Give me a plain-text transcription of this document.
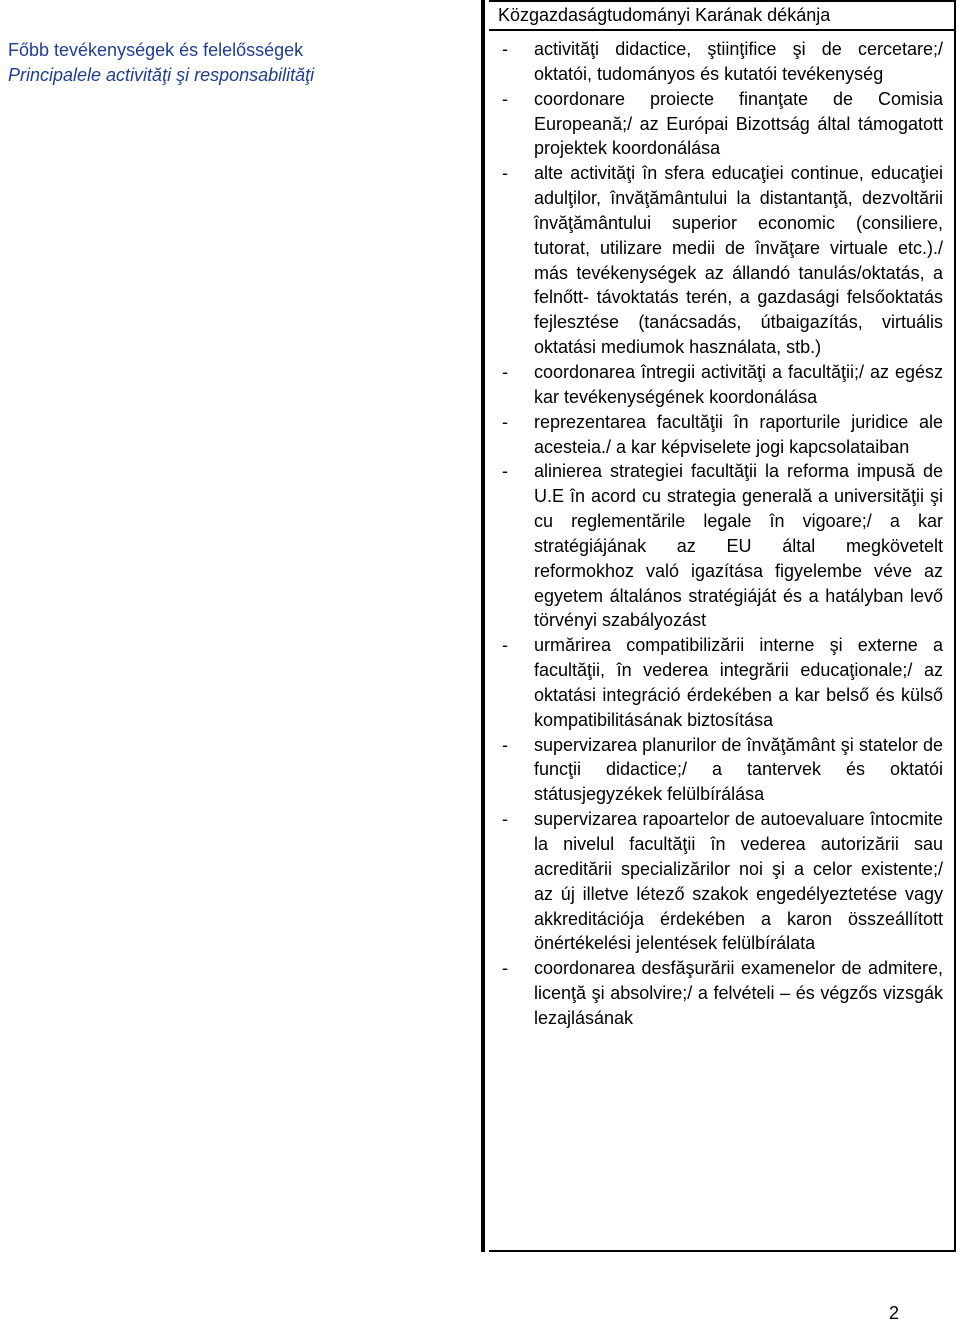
Főbb tevékenységek és felelősségek
Principalele activităţi şi responsabilităţi
Közgazdaságtudományi Karának dékánja
-	activităţi didactice, ştiinţifice şi de cercetare;/ oktatói, tudományos és kutatói tevékenység
-	coordonare proiecte finanţate de Comisia Europeană;/ az Európai Bizottság által támogatott projektek koordonálása
-	alte activităţi în sfera educaţiei continue, educaţiei adulţilor, învăţământului la distantanţă, dezvoltării învăţământului superior economic (consiliere, tutorat, utilizare medii de învăţare virtuale etc.)./ más tevékenységek az állandó tanulás/oktatás, a felnőtt- távoktatás terén, a gazdasági felsőoktatás fejlesztése (tanácsadás, útbaigazítás, virtuális oktatási mediumok használata, stb.)
-	coordonarea întregii activităţi a facultăţii;/ az egész kar tevékenységének koordonálása
-	reprezentarea facultăţii în raporturile juridice ale acesteia./ a kar képviselete jogi kapcsolataiban
-	alinierea strategiei facultăţii la reforma impusă de U.E în acord cu strategia generală a universităţii şi cu reglementările legale în vigoare;/ a kar stratégiájának az EU által megkövetelt reformokhoz való igazítása figyelembe véve az egyetem általános stratégiáját és a hatályban levő törvényi szabályozást
-	urmărirea compatibilizării interne şi externe a facultăţii, în vederea integrării educaţionale;/ az oktatási integráció érdekében a kar belső és külső kompatibilitásának biztosítása
-	supervizarea planurilor de învăţământ şi statelor de funcţii didactice;/ a tantervek és oktatói státusjegyzékek felülbírálása
-	supervizarea rapoartelor de autoevaluare întocmite la nivelul facultăţii în vederea autorizării sau acreditării specializărilor noi şi a celor existente;/ az új illetve létező szakok engedélyeztetése vagy akkreditációja érdekében a karon összeállított önértékelési jelentések felülbírálata
-	coordonarea desfăşurării examenelor de admitere, licenţă şi absolvire;/ a felvételi – és végzős vizsgák lezajlásának
2
